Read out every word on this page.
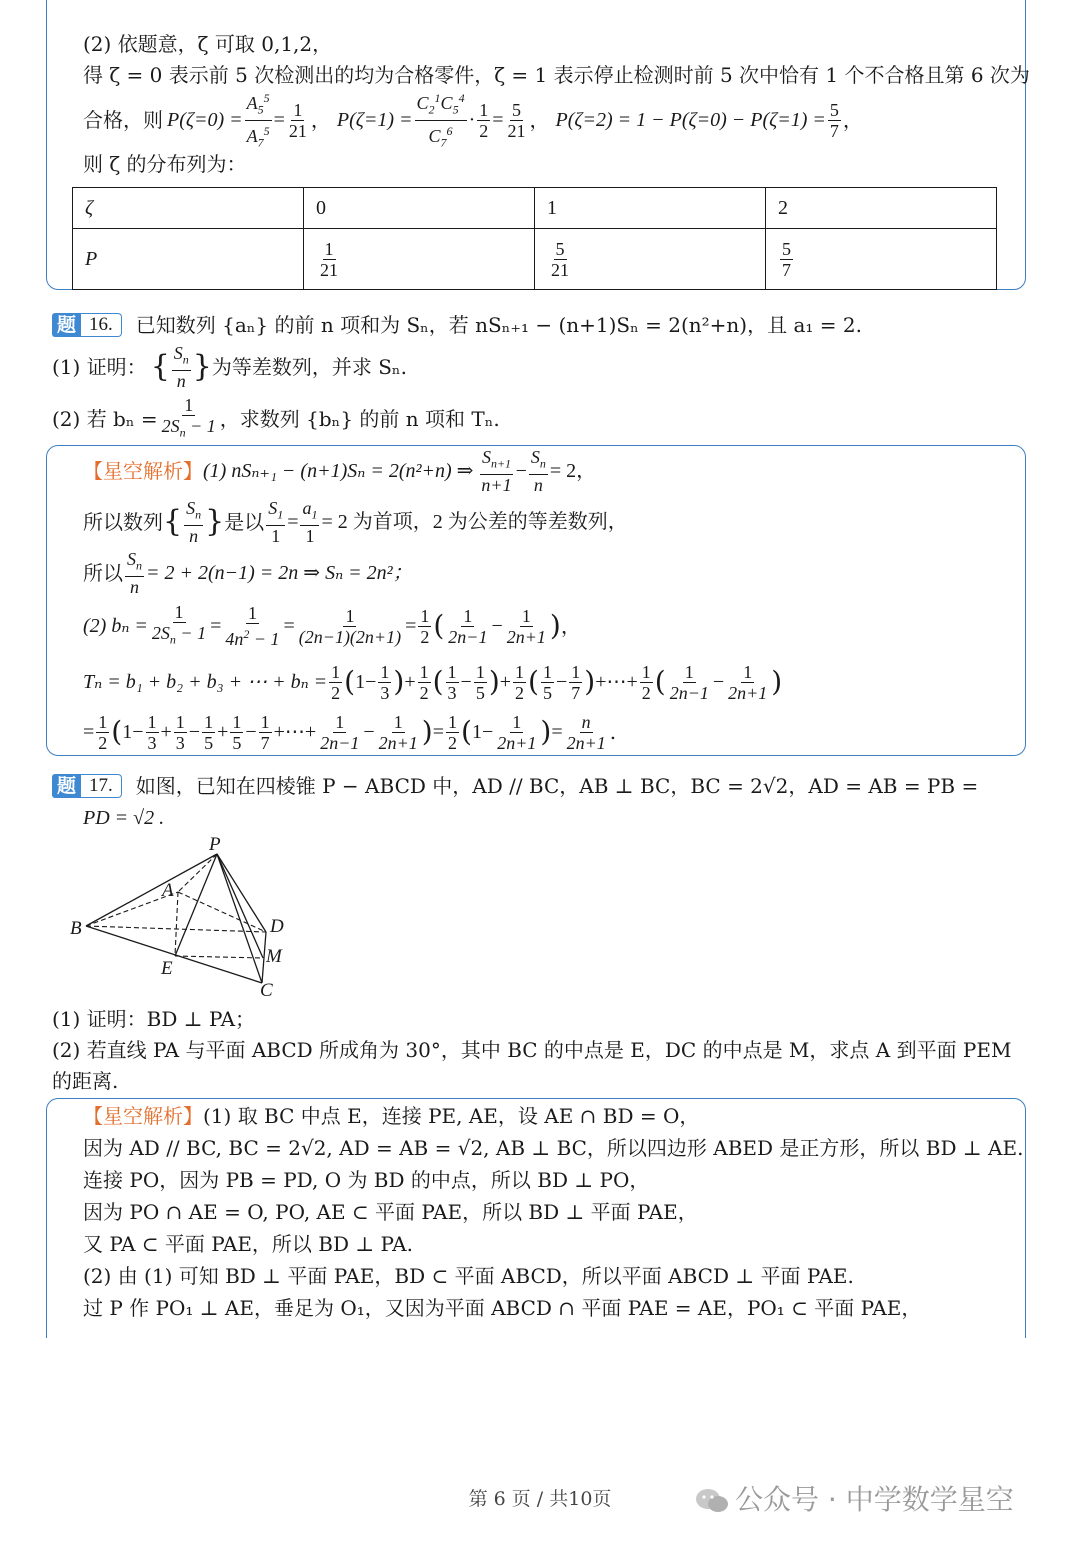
(2) 依题意，ζ 可取 0,1,2，
得 ζ = 0 表示前 5 次检测出的均为合格零件，ζ = 1 表示停止检测时前 5 次中恰有 1 个不合格且第 6 次为
合格，则 $P(\zeta=0) = \frac{A_5^5}{A_7^5} = \frac{1}{21}$ ， $P(\zeta=1) = \frac{C_2^1C_5^4}{C_7^6} \cdot \frac{1}{2} = \frac{5}{21}$ ， $P(\zeta=2) = 1 - P(\zeta=0) - P(\zeta=1) = \frac{5}{7}$ ，
则 ζ 的分布列为：
ζ	0	1	2
P	$\frac{1}{21}$	$\frac{5}{21}$	$\frac{5}{7}$
题 16.	已知数列 {aₙ} 的前 n 项和为 Sₙ，若 nSₙ₊₁ − (n+1)Sₙ = 2(n²+n)，且 a₁ = 2.
(1) 证明： { $\frac{S_n}{n}$ } 为等差数列，并求 Sₙ.
(2) 若 $b_n = \frac{1}{2S_n - 1}$ ，求数列 {bₙ} 的前 n 项和 Tₙ.
【星空解析】 (1) nSₙ₊₁ − (n+1)Sₙ = 2(n²+n) ⇒ $\frac{S_{n+1}}{n+1} - \frac{S_n}{n} = 2$，
所以数列 { $\frac{S_n}{n}$ } 是以 $\frac{S_1}{1} = \frac{a_1}{1} = 2$ 为首项，2 为公差的等差数列，
所以 $\frac{S_n}{n} = 2 + 2(n-1) = 2n$ ⇒ Sₙ = 2n²；
(2) $b_n = \frac{1}{2S_n - 1} = \frac{1}{4n^2 - 1} = \frac{1}{(2n-1)(2n+1)} = \frac{1}{2}$ ( $\frac{1}{2n-1} - \frac{1}{2n+1}$ ) ，
Tₙ = b₁ + b₂ + b₃ + ⋯ + $b_n = \frac{1}{2}$ ( $1- \frac{1}{3}$ ) + $\frac{1}{2}$ ( $\frac{1}{3} - \frac{1}{5}$ ) + $\frac{1}{2}$ ( $\frac{1}{5} - \frac{1}{7}$ ) +⋯+ $\frac{1}{2}$ ( $\frac{1}{2n-1} - \frac{1}{2n+1}$ )
= $\frac{1}{2}$ ( $1- \frac{1}{3} + \frac{1}{3} - \frac{1}{5} + \frac{1}{5} - \frac{1}{7}$ +⋯+ $\frac{1}{2n-1} - \frac{1}{2n+1}$ ) = $\frac{1}{2}$ ( $1- \frac{1}{2n+1}$ ) = $\frac{n}{2n+1}$ .
题 17.	如图，已知在四棱锥 P − ABCD 中，AD // BC，AB ⊥ BC，BC = 2√2，AD = AB = PB =
PD = √2 .
P
A
B	D
M
E
C
(1) 证明：BD ⊥ PA；
(2) 若直线 PA 与平面 ABCD 所成角为 30°，其中 BC 的中点是 E，DC 的中点是 M，求点 A 到平面 PEM
的距离.
【星空解析】(1) 取 BC 中点 E，连接 PE, AE，设 AE ∩ BD = O，
因为 AD // BC, BC = 2√2, AD = AB = √2, AB ⊥ BC，所以四边形 ABED 是正方形，所以 BD ⊥ AE.
连接 PO，因为 PB = PD, O 为 BD 的中点，所以 BD ⊥ PO，
因为 PO ∩ AE = O, PO, AE ⊂ 平面 PAE，所以 BD ⊥ 平面 PAE，
又 PA ⊂ 平面 PAE，所以 BD ⊥ PA.
(2) 由 (1) 可知 BD ⊥ 平面 PAE，BD ⊂ 平面 ABCD，所以平面 ABCD ⊥ 平面 PAE.
过 P 作 PO₁ ⊥ AE，垂足为 O₁，又因为平面 ABCD ∩ 平面 PAE = AE，PO₁ ⊂ 平面 PAE，
第 6 页 / 共10页	公众号 · 中学数学星空
